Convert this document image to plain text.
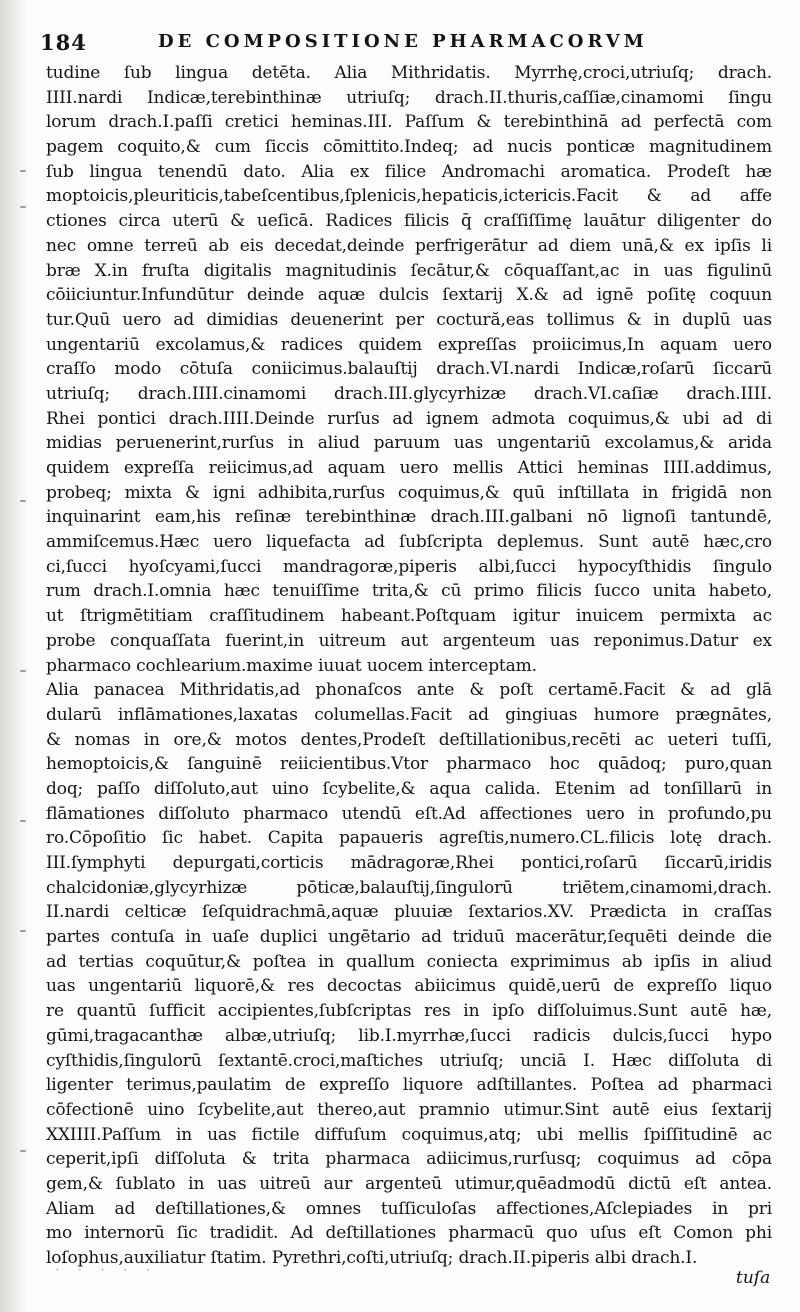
184	DE COMPOSITIONE PHARMACORVM
tudine ſub lingua detēta. Alia Mithridatis. Myrrhę,croci,utriuſq; drach.
IIII.nardi Indicæ,terebinthinæ utriuſq; drach.II.thuris,caſſiæ,cinamomi ſingu
lorum drach.I.paſſi cretici heminas.III. Paſſum & terebinthinā ad perfectā com
pagem coquito,& cum ſiccis cōmittito.Indeq; ad nucis ponticæ magnitudinem
ſub lingua tenendū dato. Alia ex filice Andromachi aromatica. Prodeſt hæ
moptoicis,pleuriticis,tabeſcentibus,ſplenicis,hepaticis,ictericis.Facit & ad affe
ctiones circa uterū & ueſicā. Radices filicis q̄ craſſiſſimę lauātur diligenter do
nec omne terreū ab eis decedat,deinde perfrigerātur ad diem unā,& ex ipſis li
bræ X.in fruſta digitalis magnitudinis ſecātur,& cōquaſſant,ac in uas figulinū
cōiiciuntur.Infundūtur deinde aquæ dulcis ſextarij X.& ad ignē poſitę coquun
tur.Quū uero ad dimidias deuenerint per coctură,eas tollimus & in duplū uas
ungentariū excolamus,& radices quidem expreſſas proiicimus,In aquam uero
craſſo modo cōtuſa coniicimus.balauſtij drach.VI.nardi Indicæ,roſarū ſiccarū
utriuſq; drach.IIII.cinamomi drach.III.glycyrhizæ drach.VI.caſiæ drach.IIII.
Rhei pontici drach.IIII.Deinde rurſus ad ignem admota coquimus,& ubi ad di
midias peruenerint,rurſus in aliud paruum uas ungentariū excolamus,& arida
quidem expreſſa reiicimus,ad aquam uero mellis Attici heminas IIII.addimus,
probeq; mixta & igni adhibita,rurſus coquimus,& quū inſtillata in frigidā non
inquinarint eam,his reſinæ terebinthinæ drach.III.galbani nō lignoſi tantundē,
ammiſcemus.Hæc uero liquefacta ad ſubſcripta deplemus. Sunt autē hæc,cro
ci,ſucci hyoſcyami,ſucci mandragoræ,piperis albi,ſucci hypocyſthidis ſingulo
rum drach.I.omnia hæc tenuiſſime trita,& cū primo filicis ſucco unita habeto,
ut ſtrigmētitiam craſſitudinem habeant.Poſtquam igitur inuicem permixta ac
probe conquaſſata fuerint,in uitreum aut argenteum uas reponimus.Datur ex
pharmaco cochlearium.maxime iuuat uocem interceptam.
Alia panacea Mithridatis,ad phonaſcos ante & poſt certamē.Facit & ad glā
dularū inflāmationes,laxatas columellas.Facit ad gingiuas humore prægnātes,
& nomas in ore,& motos dentes,Prodeſt deſtillationibus,recēti ac ueteri tuſſi,
hemoptoicis,& ſanguinē reiicientibus.Vtor pharmaco hoc quādoq; puro,quan
doq; paſſo diſſoluto,aut uino ſcybelite,& aqua calida. Etenim ad tonſillarū in
flāmationes diſſoluto pharmaco utendū eſt.Ad affectiones uero in profundo,pu
ro.Cōpoſitio ſic habet. Capita papaueris agreſtis,numero.CL.filicis lotę drach.
III.ſymphyti depurgati,corticis mādragoræ,Rhei pontici,roſarū ſiccarū,iridis
chalcidoniæ,glycyrhizæ pōticæ,balauſtij,ſingulorū triētem,cinamomi,drach.
II.nardi celticæ ſeſquidrachmā,aquæ pluuiæ ſextarios.XV. Prædicta in craſſas
partes contuſa in uaſe duplici ungētario ad triduū macerātur,ſequēti deinde die
ad tertias coquūtur,& poſtea in quallum coniecta exprimimus ab ipſis in aliud
uas ungentariū liquorē,& res decoctas abiicimus quidē,uerū de expreſſo liquo
re quantū ſufficit accipientes,ſubſcriptas res in ipſo diſſoluimus.Sunt autē hæ,
gūmi,tragacanthæ albæ,utriuſq; lib.I.myrrhæ,ſucci radicis dulcis,ſucci hypo
cyſthidis,ſingulorū ſextantē.croci,maſtiches utriuſq; unciā I. Hæc diſſoluta di
ligenter terimus,paulatim de expreſſo liquore adſtillantes. Poſtea ad pharmaci
cōfectionē uino ſcybelite,aut thereo,aut pramnio utimur.Sint autē eius ſextarij
XXIIII.Paſſum in uas fictile diffuſum coquimus,atq; ubi mellis ſpiſſitudinē ac
ceperit,ipſi diſſoluta & trita pharmaca adiicimus,rurſusq; coquimus ad cōpa
gem,& ſublato in uas uitreū aur argenteū utimur,quēadmodū dictū eſt antea.
Aliam ad deſtillationes,& omnes tuſſiculoſas affectiones,Aſclepiades in pri
mo internorū ſic tradidit. Ad deſtillationes pharmacū quo uſus eſt Comon phi
loſophus,auxiliatur ſtatim. Pyrethri,coſti,utriuſq; drach.II.piperis albi drach.I.
˙ ˙ ˙ ˙ ˙	tuſa
